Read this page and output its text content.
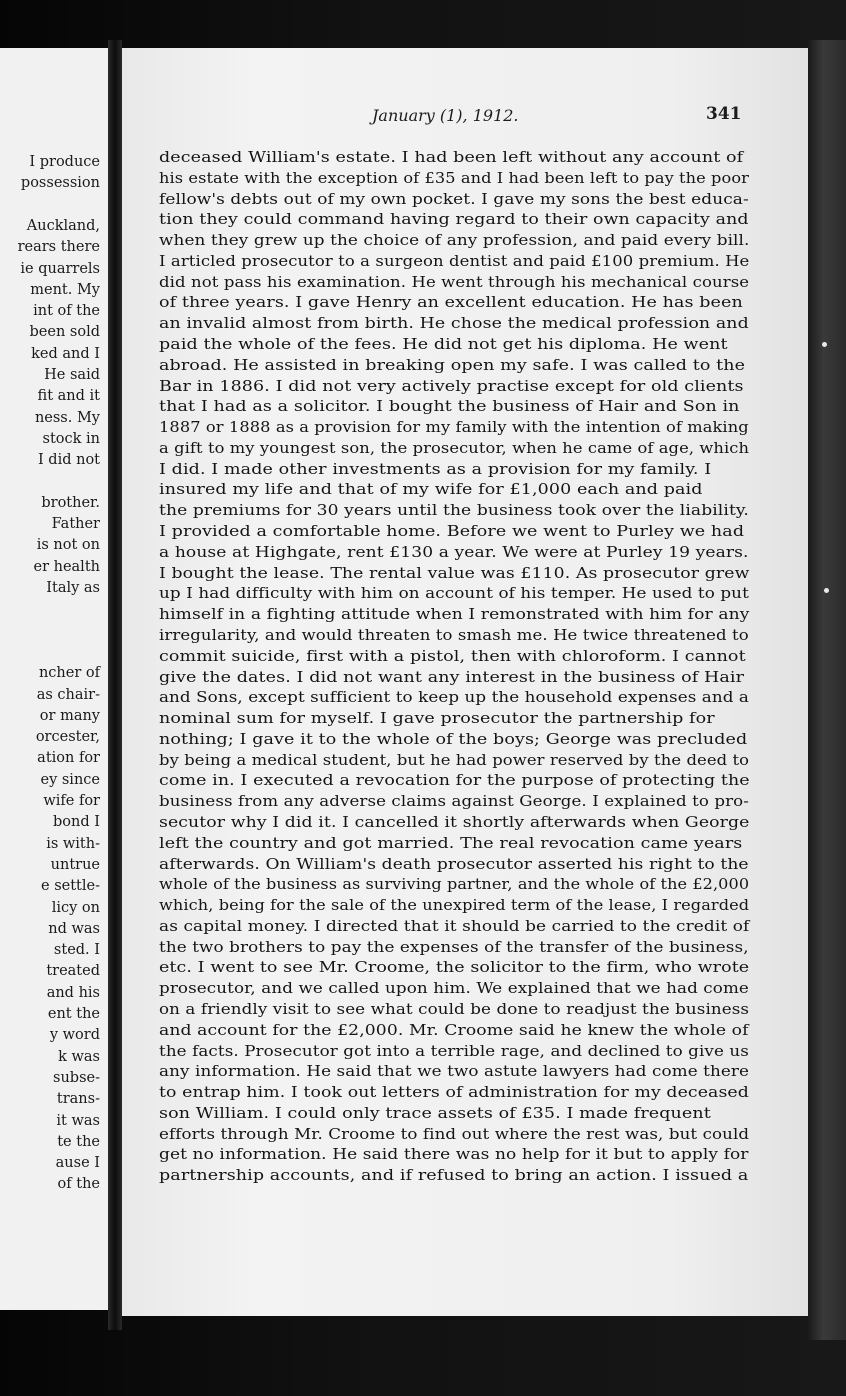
I produce

possession

Auckland,

rears there

ie quarrels

ment. My

int of the

been sold

ked and I

He said

fit and it

ness. My

stock in

I did not

brother.

Father

is not on

er health

Italy as

ncher of

as chair-

or many

orcester,

ation for

ey since

wife for

bond I

is with-

untrue

e settle-

licy on

nd was

sted. I

treated

and his

ent the

y word

k was

subse-

trans-

it was

te the

ause I

of the

January (1), 1912.	341

deceased William's estate. I had been left without any account of

his estate with the exception of £35 and I had been left to pay the poor

fellow's debts out of my own pocket. I gave my sons the best educa-

tion they could command having regard to their own capacity and

when they grew up the choice of any profession, and paid every bill.

I articled prosecutor to a surgeon dentist and paid £100 premium. He

did not pass his examination. He went through his mechanical course

of three years. I gave Henry an excellent education. He has been

an invalid almost from birth. He chose the medical profession and

paid the whole of the fees. He did not get his diploma. He went

abroad. He assisted in breaking open my safe. I was called to the

Bar in 1886. I did not very actively practise except for old clients

that I had as a solicitor. I bought the business of Hair and Son in

1887 or 1888 as a provision for my family with the intention of making

a gift to my youngest son, the prosecutor, when he came of age, which

I did. I made other investments as a provision for my family. I

insured my life and that of my wife for £1,000 each and paid

the premiums for 30 years until the business took over the liability.

I provided a comfortable home. Before we went to Purley we had

a house at Highgate, rent £130 a year. We were at Purley 19 years.

I bought the lease. The rental value was £110. As prosecutor grew

up I had difficulty with him on account of his temper. He used to put

himself in a fighting attitude when I remonstrated with him for any

irregularity, and would threaten to smash me. He twice threatened to

commit suicide, first with a pistol, then with chloroform. I cannot

give the dates. I did not want any interest in the business of Hair

and Sons, except sufficient to keep up the household expenses and a

nominal sum for myself. I gave prosecutor the partnership for

nothing; I gave it to the whole of the boys; George was precluded

by being a medical student, but he had power reserved by the deed to

come in. I executed a revocation for the purpose of protecting the

business from any adverse claims against George. I explained to pro-

secutor why I did it. I cancelled it shortly afterwards when George

left the country and got married. The real revocation came years

afterwards. On William's death prosecutor asserted his right to the

whole of the business as surviving partner, and the whole of the £2,000

which, being for the sale of the unexpired term of the lease, I regarded

as capital money. I directed that it should be carried to the credit of

the two brothers to pay the expenses of the transfer of the business,

etc. I went to see Mr. Croome, the solicitor to the firm, who wrote

prosecutor, and we called upon him. We explained that we had come

on a friendly visit to see what could be done to readjust the business

and account for the £2,000. Mr. Croome said he knew the whole of

the facts. Prosecutor got into a terrible rage, and declined to give us

any information. He said that we two astute lawyers had come there

to entrap him. I took out letters of administration for my deceased

son William. I could only trace assets of £35. I made frequent

efforts through Mr. Croome to find out where the rest was, but could

get no information. He said there was no help for it but to apply for

partnership accounts, and if refused to bring an action. I issued a
